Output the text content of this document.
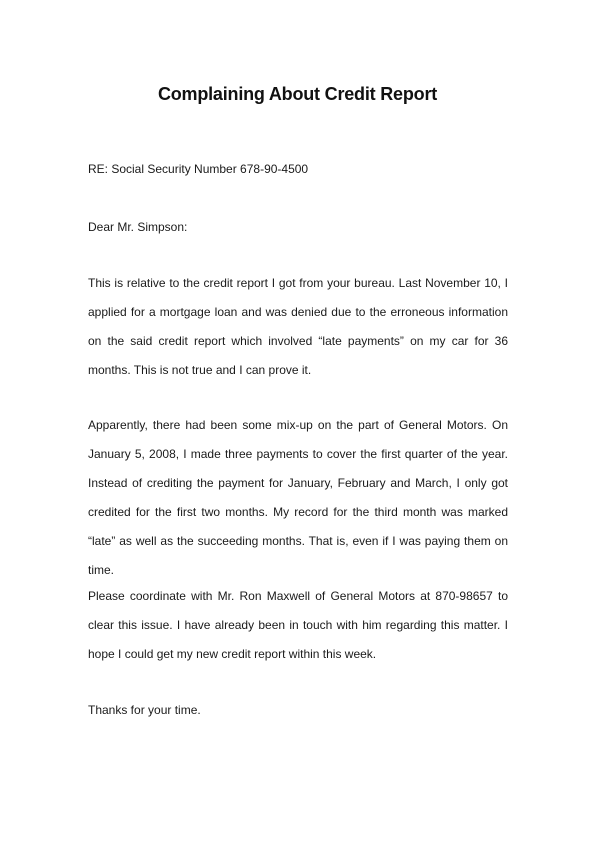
Complaining About Credit Report

RE: Social Security Number 678-90-4500

Dear Mr. Simpson:

This is relative to the credit report I got from your bureau. Last November 10, I applied for a mortgage loan and was denied due to the erroneous information on the said credit report which involved “late payments” on my car for 36 months. This is not true and I can prove it.

Apparently, there had been some mix-up on the part of General Motors. On January 5, 2008, I made three payments to cover the first quarter of the year. Instead of crediting the payment for January, February and March, I only got credited for the first two months. My record for the third month was marked “late” as well as the succeeding months. That is, even if I was paying them on time.

Please coordinate with Mr. Ron Maxwell of General Motors at 870-98657 to clear this issue. I have already been in touch with him regarding this matter. I hope I could get my new credit report within this week.

Thanks for your time.
